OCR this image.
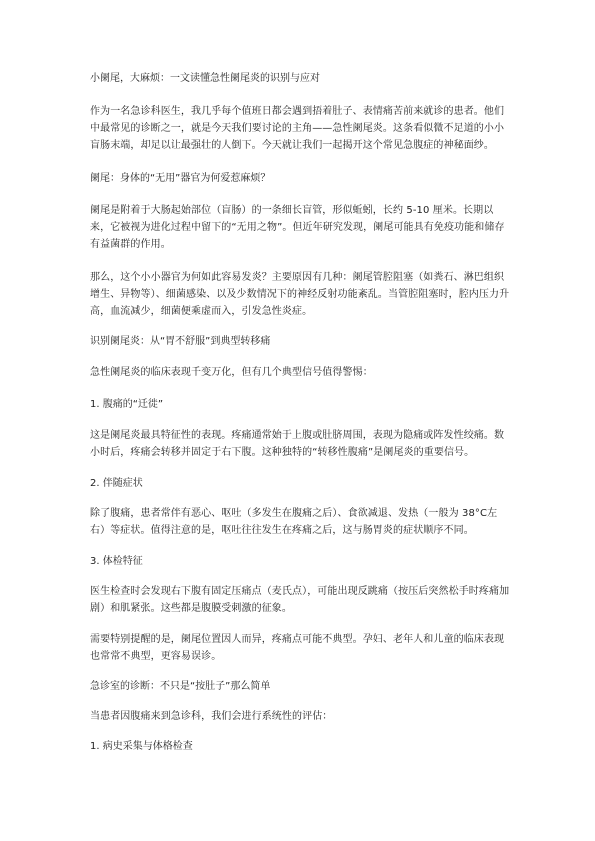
小阑尾，大麻烦：一文读懂急性阑尾炎的识别与应对

作为一名急诊科医生，我几乎每个值班日都会遇到捂着肚子、表情痛苦前来就诊的患者。他们中最常见的诊断之一，就是今天我们要讨论的主角——急性阑尾炎。这条看似微不足道的小小盲肠末端，却足以让最强壮的人倒下。今天就让我们一起揭开这个常见急腹症的神秘面纱。

阑尾：身体的“无用”器官为何爱惹麻烦？

阑尾是附着于大肠起始部位（盲肠）的一条细长盲管，形似蚯蚓，长约 5-10 厘米。长期以来，它被视为进化过程中留下的“无用之物”。但近年研究发现，阑尾可能具有免疫功能和储存有益菌群的作用。

那么，这个小小器官为何如此容易发炎？主要原因有几种：阑尾管腔阻塞（如粪石、淋巴组织增生、异物等）、细菌感染、以及少数情况下的神经反射功能紊乱。当管腔阻塞时，腔内压力升高，血流减少，细菌便乘虚而入，引发急性炎症。

识别阑尾炎：从“胃不舒服”到典型转移痛

急性阑尾炎的临床表现千变万化，但有几个典型信号值得警惕：

1. 腹痛的“迁徙”

这是阑尾炎最具特征性的表现。疼痛通常始于上腹或肚脐周围，表现为隐痛或阵发性绞痛。数小时后，疼痛会转移并固定于右下腹。这种独特的“转移性腹痛”是阑尾炎的重要信号。

2. 伴随症状

除了腹痛，患者常伴有恶心、呕吐（多发生在腹痛之后）、食欲减退、发热（一般为 38°C左右）等症状。值得注意的是，呕吐往往发生在疼痛之后，这与肠胃炎的症状顺序不同。

3. 体检特征

医生检查时会发现右下腹有固定压痛点（麦氏点），可能出现反跳痛（按压后突然松手时疼痛加剧）和肌紧张。这些都是腹膜受刺激的征象。

需要特别提醒的是，阑尾位置因人而异，疼痛点可能不典型。孕妇、老年人和儿童的临床表现也常常不典型，更容易误诊。

急诊室的诊断：不只是“按肚子”那么简单

当患者因腹痛来到急诊科，我们会进行系统性的评估：

1. 病史采集与体格检查
